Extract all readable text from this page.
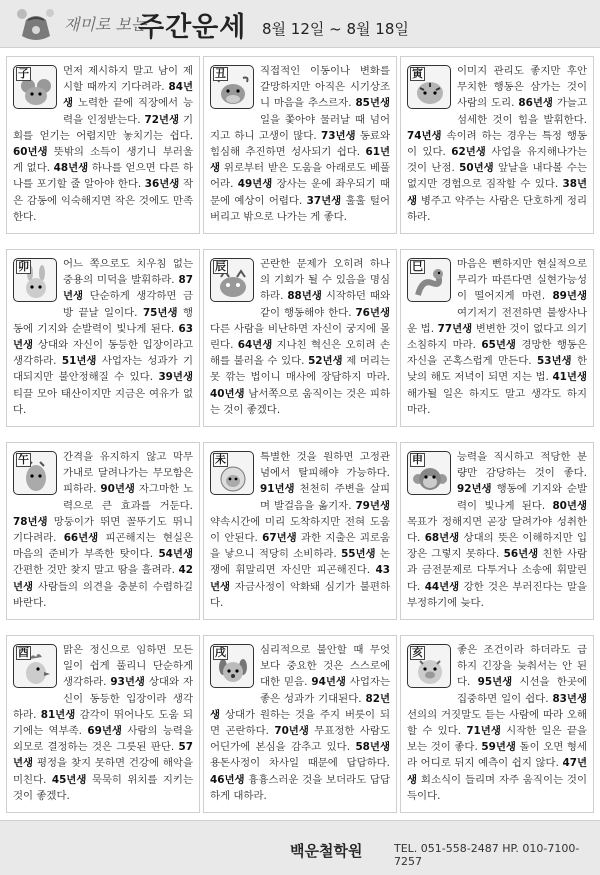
재미로 보는
주간운세 8월 12일 ~ 8월 18일
子	먼저 제시하지 말고 남이 제시할 때까지 기다려라. 84년생 노력한 끝에 직장에서 능력을 인정받는다. 72년생 기회를 얻기는 어렵지만 놓치기는 쉽다. 60년생 뜻밖의 소득이 생기니 부러울 게 없다. 48년생 하나를 얻으면 다른 하나를 포기할 줄 알아야 한다. 36년생 작은 감동에 익숙해지면 작은 것에도 만족한다.
丑	직접적인 이동이나 변화를 갈망하지만 아직은 시기상조니 마음을 추스르자. 85년생 일을 쫓아야 물러날 때 넘어지고 하니 고생이 많다. 73년생 동료와 힘심해 추진하면 성사되기 쉽다. 61년생 위로부터 받은 도움을 아래로도 베풀어라. 49년생 장사는 운에 좌우되기 때문에 예상이 어렵다. 37년생 훌훌 털어 버리고 밖으로 나가는 게 좋다.
寅	이미지 관리도 좋지만 후안무치한 행동은 삼가는 것이 사람의 도리. 86년생 가늘고 섬세한 것이 힘을 발휘한다. 74년생 속이려 하는 경우는 특정 행동이 있다. 62년생 사업을 유지해나가는 것이 난점. 50년생 앞날을 내다볼 수는 없지만 경험으로 짐작할 수 있다. 38년생 병주고 약주는 사람은 단호하게 정리하라.
卯	어느 쪽으로도 치우침 없는 중용의 미덕을 발휘하라. 87년생 단순하게 생각하면 금방 끝날 일이다. 75년생 행동에 기지와 순발력이 빛나게 된다. 63년생 상대와 자신이 동등한 입장이라고 생각하라. 51년생 사업자는 성과가 기대되지만 불안정해질 수 있다. 39년생 티끌 모아 태산이지만 지금은 여유가 없다.
辰	곤란한 문제가 오히려 하나의 기회가 될 수 있음을 명심하라. 88년생 시작하던 때와 같이 행동해야 한다. 76년생 다른 사람을 비난하면 자신이 궁지에 몰린다. 64년생 지나친 혁신은 오히려 손해를 불러올 수 있다. 52년생 제 머리는 못 깎는 법이니 매사에 장담하지 마라. 40년생 남서쪽으로 움직이는 것은 피하는 것이 좋겠다.
巳	마음은 뻔하지만 현실적으로 무리가 따른다면 실현가능성이 떨어지게 마련. 89년생 여기저기 전전하면 불쌍사나운 법. 77년생 변변한 것이 없다고 의기소침하지 마라. 65년생 경망한 행동은 자신을 곤혹스럽게 만든다. 53년생 한낮의 해도 저녁이 되면 지는 법. 41년생 해가될 일은 하지도 말고 생각도 하지 마라.
午	간격을 유지하지 않고 막무가내로 달려나가는 무모함은 피하라. 90년생 자그마한 노력으로 큰 효과를 거둔다. 78년생 망둥이가 뛰면 꼴뚜기도 뛰니 기다려라. 66년생 피곤해지는 현실은 마음의 준비가 부족한 탓이다. 54년생 간편한 것만 찾지 말고 땀을 흘려라. 42년생 사람들의 의견을 충분히 수렴하길 바란다.
未	특별한 것을 원하면 고정관념에서 탈피해야 가능하다. 91년생 천천히 주변을 살피며 발걸음을 옮기자. 79년생 약속시간에 미리 도착하지만 전혀 도움이 안된다. 67년생 과한 지출은 괴로움을 낳으니 적당히 소비하라. 55년생 논쟁에 휘말리면 자신만 피곤해진다. 43년생 자금사정이 악화돼 심기가 불편하다.
申	능력을 직시하고 적당한 분량만 감당하는 것이 좋다. 92년생 행동에 기지와 순발력이 빛나게 된다. 80년생 목표가 정해지면 곧장 달려가야 성취한다. 68년생 상대의 뜻은 이해하지만 입장은 그렇지 못하다. 56년생 친한 사람과 금전문제로 다투거나 소송에 휘말린다. 44년생 강한 것은 부러진다는 말을 부정하기에 늦다.
酉	맑은 정신으로 임하면 모든 일이 쉽게 풀리니 단순하게 생각하라. 93년생 상대와 자신이 동등한 입장이라 생각하라. 81년생 감각이 뛰어나도 도움 되기에는 역부족. 69년생 사람의 능력을 외모로 결정하는 것은 그릇된 판단. 57년생 평정을 찾지 못하면 건강에 해악을 미친다. 45년생 묵묵히 위치를 지키는 것이 좋겠다.
戌	심리적으로 불안할 때 무엇보다 중요한 것은 스스로에 대한 믿음. 94년생 사업자는 좋은 성과가 기대된다. 82년생 상대가 원하는 것을 주지 버릇이 되면 곤란하다. 70년생 무표정한 사람도 어딘가에 본심을 감추고 있다. 58년생 용돈사정이 차사일 때문에 답답하다. 46년생 흉흉스러운 것을 보더라도 답답하게 대하라.
亥	좋은 조건이라 하더라도 급하지 긴장을 늦춰서는 안 된다. 95년생 시선을 한곳에 집중하면 일이 쉽다. 83년생 선의의 거짓말도 듣는 사람에 따라 오해할 수 있다. 71년생 시작한 일은 끝을 보는 것이 좋다. 59년생 돌이 오면 형세라 어디로 뒤지 예측이 쉽지 않다. 47년생 회소식이 들리며 자주 움직이는 것이 득이다.
백운철학원	TEL. 051-558-2487 HP. 010-7100-7257
